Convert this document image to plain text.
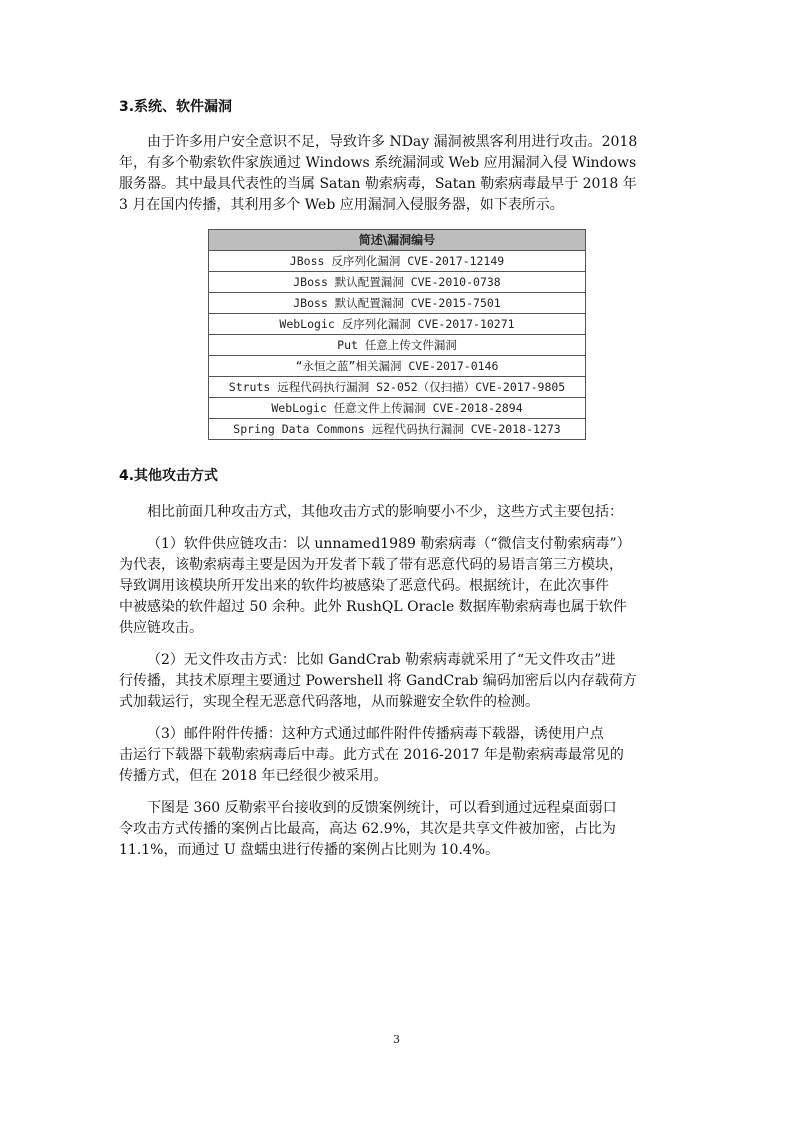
3.系统、软件漏洞
由于许多用户安全意识不足，导致许多 NDay 漏洞被黑客利用进行攻击。2018
年，有多个勒索软件家族通过 Windows 系统漏洞或 Web 应用漏洞入侵 Windows
服务器。其中最具代表性的当属 Satan 勒索病毒，Satan 勒索病毒最早于 2018 年
3 月在国内传播，其利用多个 Web 应用漏洞入侵服务器，如下表所示。
简述\漏洞编号
JBoss 反序列化漏洞 CVE-2017-12149
JBoss 默认配置漏洞 CVE-2010-0738
JBoss 默认配置漏洞 CVE-2015-7501
WebLogic 反序列化漏洞 CVE-2017-10271
Put 任意上传文件漏洞
“永恒之蓝”相关漏洞 CVE-2017-0146
Struts 远程代码执行漏洞 S2-052（仅扫描）CVE-2017-9805
WebLogic 任意文件上传漏洞 CVE-2018-2894
Spring Data Commons 远程代码执行漏洞 CVE-2018-1273
4.其他攻击方式
相比前面几种攻击方式，其他攻击方式的影响要小不少，这些方式主要包括：
（1）软件供应链攻击：以 unnamed1989 勒索病毒（“微信支付勒索病毒”）
为代表，该勒索病毒主要是因为开发者下载了带有恶意代码的易语言第三方模块，
导致调用该模块所开发出来的软件均被感染了恶意代码。根据统计，在此次事件
中被感染的软件超过 50 余种。此外 RushQL Oracle 数据库勒索病毒也属于软件
供应链攻击。
（2）无文件攻击方式：比如 GandCrab 勒索病毒就采用了“无文件攻击”进
行传播，其技术原理主要通过 Powershell 将 GandCrab 编码加密后以内存载荷方
式加载运行，实现全程无恶意代码落地，从而躲避安全软件的检测。
（3）邮件附件传播：这种方式通过邮件附件传播病毒下载器，诱使用户点
击运行下载器下载勒索病毒后中毒。此方式在 2016-2017 年是勒索病毒最常见的
传播方式，但在 2018 年已经很少被采用。
下图是 360 反勒索平台接收到的反馈案例统计，可以看到通过远程桌面弱口
令攻击方式传播的案例占比最高，高达 62.9%，其次是共享文件被加密，占比为
11.1%，而通过 U 盘蠕虫进行传播的案例占比则为 10.4%。
3
